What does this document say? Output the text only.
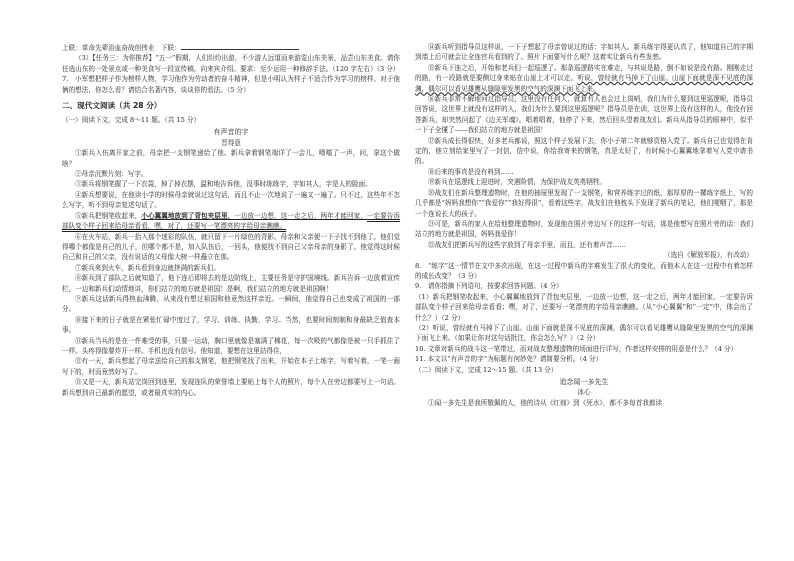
上联：革命先辈浴血奋战创伟业　下联：

（3）【任务三：为你推荐】“五一”假期，人们纷纷出游，不少游人远道而来游览山东美景，品尝山东美食。请你任选山东的一处景点或一种美食写一段宣传稿，向来宾介绍。要求：至少运用一种修辞手法。（120 字左右）（3 分）

7.　小军想把样子作为榜样人物，学习他作为劳动者的奋斗精神，但是小明认为样子不适合作为学习的榜样。对于他俩的想法，你怎么看？请结合名著内容，谈谈你的看法。（5 分）

二、现代文阅读（共 28 分）

（一）阅读下文，完成 8～11 题。（共 15 分）

有声音的字
晋得意

①新兵入伍离开家之前，母亲把一支钢笔递给了他。新兵拿着钢笔端详了一会儿，嗫嚅了一声，问，拿这个做啥？

②母亲沉默片刻：写字。

③新兵将钢笔握了一下衣袋，掉了掉衣摆，温和地告诉他，没事时练练字，字如其人，字是人的脸面。

④新兵想要说，在他读小学的时候母亲就说过这句话，而且不止一次地说了一遍又一遍了。只不过，这些年不怎么写字，听不到母亲复述句话了。

⑤新兵把钢笔收起来，小心翼翼地放到了背包夹层里，一边放一边想，这一走之后，两年才能回家，一定要告诉部队变个样子回来给母亲看看，嘿，对了，还要写一笔漂亮的字给母亲瞧瞧。

⑥在火车站，新兵一抬入那个迷彩的队伍，就只留下一片绿色的背影。母亲和父亲便一下子找不到他了。他们觉得哪个都像是自己的儿子，但哪个都不是，加入队伍后，一回头，他便找不到自己父亲母亲的身影了。他觉得这时候自己和自己的父亲，没有说话的父母像大树一样矗立在那。

⑦新兵来到火车，新兵看到身边就挤满的新兵们。

⑧新兵到了部队之后就知道了，他下连后即将去的是边防线上，主要任务是守护国境线。新兵告诉一边放着宣传栏，一边和新兵们动情地讲，你们站立的地方就是祖国！是啊，我们站立的地方就是祖国啊！

⑨新兵这话新兵得热血沸腾，从来没有想过祖国和他竟然这样亲近。一瞬间，他觉得自己也变成了祖国的一部分。

⑩接下来的日子就是在紧张忙碌中度过了，学习、训练、执勤，学习。当然，也要时间刻制和身最缺乏值查本事。

⑪新兵当兵的是在一件难受的事，只要一运动，胸口里就像是塞满了棉花，每一次吸的气都像是被一只手抓住了一样。头疼得像要炸开一样。手机也没有信号。他知道，要想在这里站得住，

⑫有一天，新兵想起了母亲送给自己的那支钢笔，他把钢笔找了出来，开始在本子上练字，写着写着，一笔一画写下的，时而竟然好写了。

⑬又是一天，新兵站完岗回到连里，发现连队的荣誉墙上要贴上每个人的照片，每个人在旁边都要写上一句话。新兵想到自己最新的愿望，或者最真实的内心。

⑭新兵听到指导员这样说，一下子想起了母亲曾说过的话：字如其人。新兵练字得更认真了，他知道自己的字期到墙上后可就会让全连官兵看到的了。照片下面要写什么呢？这着实让新兵有些发愁。

⑮新兵下连之后，开始和老兵们一起巡逻了。那条巡逻路实在难走，与其说是路，倒不如说是没有路。刚刚走过的路，有一段路就是要侧过身来贴在山崖上才可以走。听说，曾经就有马掉下了山崖。山崖下面就是深不见底的深渊，偶尔可以看见雄鹰从缝隙里发黑的空气的深渊下面飞上来。

⑯新兵非常不解地问过指导员，这里没有任何人，就算有人也会过上岗哨，我们为什么要到这里巡逻呢，指导员回答说，这世界上就没有这样的人，我们为什么要到这里巡逻呢？指导员是在训，这世界上没有这样的人，他没有回答新兵，却突然问起了《边关军魂》。唱着唱着，他停了下来，然后回头望着战友们。新兵从指导员的眼神中，似乎一下子全懂了——我们站立的地方就是祖国！

⑰新兵成长得很快，好多老兵都说，照这个样子发展下去，你小子第二年就够资格入党了。新兵自己也觉得在肯定的，他立刻给家里写了一封信，信中说，你给我寄来的钢笔，真是太好了，有时候小心翼翼地拿着写入党申请书的。

⑱后来的事真是没有料到……

⑲新兵在巡逻线上迎进时，突遇险情，为保护战友英勇牺牲。

⑳战友们在新兵整理遗物时，在他的抽屉里发现了一支钢笔，和营养练字过的纸，那厚厚的一摞练字纸上，写的几乎都是“妈妈我想你”“我爱你”“我好得很”，看着这些字，战友们在他枕头下发现了新兵的笔记，他们哽咽了，那是一个连说长大的孩子。

㉑可是，新兵的家人在给他整理遗物时，发现他在照片旁边写下的这样一句话，那是他想写在照片旁的话：我们站立的地方就是祖国，妈妈我爱你！

㉒战友们把新兵写的这些字放到了母亲手里，而且，还有着声音……

（选自《解放军报》，有改动）

8.　“练字”这一情节在文中多次出现，在这一过程中新兵的字难发生了很大的变化，而他本人在这一过程中有着怎样的成长改变？（3 分）

9.　请你指摘下列语句，按要求回答问题。（4 分）

（1）新兵把钢笔收起来，小心翼翼地放到了背包夹层里，一边放一边想，这一走之后，两年才能回家，一定要告诉部队变个样子回来给母亲看看；嘿，对了，还要写一笔漂亮的字给母亲瞧瞧。（从“小心翼翼”和“一定”中，体会出了什么？）（2 分）

（2）听说，曾经就有马掉下了山崖。山崖下面就是深不见底的深渊，偶尔可以看见雄鹰从缝隙里发黑的空气的深渊下面飞上来。（如果让你对这句话批注，你会怎么写？）（2 分）

10. 文章对新兵的战斗这一笔带过，而对战友整理遗物的场面进行详写，作者这样安排的用意是什么？（4 分）

11. 本文以“有声音的字”为标题有何妙处？请简要分析。（4 分）

（二）阅读下文，完成 12～15 题。（共 13 分）

追念闻一多先生
冰心

①闻一多先生是我所敬佩的人，他的诗从《红烛》到《死水》，都不多每首我都读
